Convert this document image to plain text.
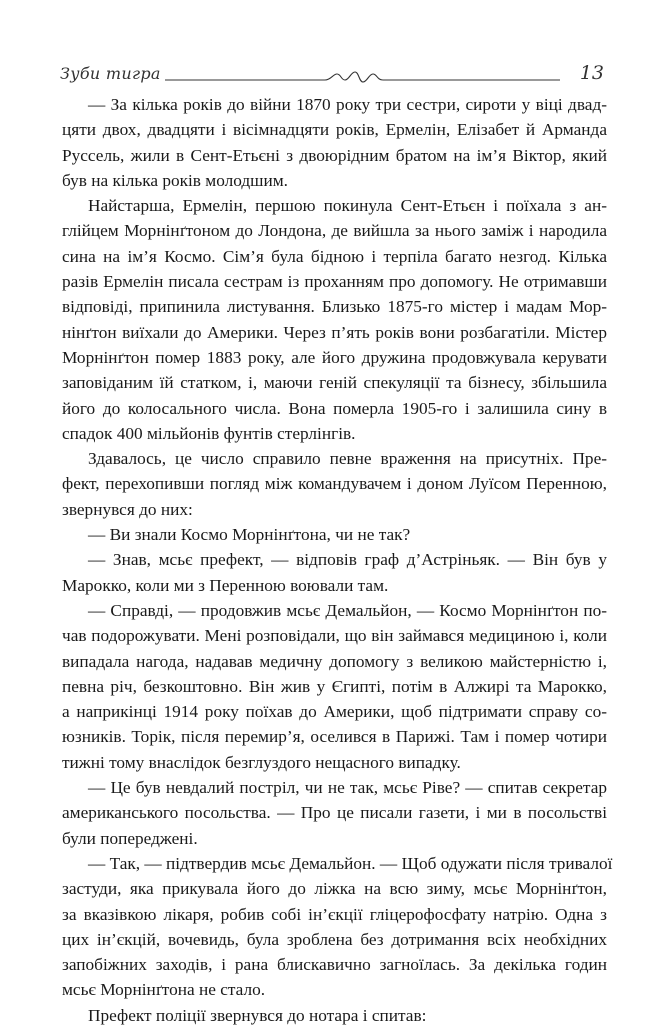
Зуби тигра	13

— За кілька років до війни 1870 року три сестри, сироти у віці двад-
цяти двох, двадцяти і вісімнадцяти років, Ермелін, Елізабет й Арманда
Руссель, жили в Сент-Етьєні з двоюрідним братом на ім’я Віктор, який
був на кілька років молодшим.

Найстарша, Ермелін, першою покинула Сент-Етьєн і поїхала з ан-
глійцем Морнінґтоном до Лондона, де вийшла за нього заміж і народила
сина на ім’я Космо. Сім’я була бідною і терпіла багато незгод. Кілька
разів Ермелін писала сестрам із проханням про допомогу. Не отримавши
відповіді, припинила листування. Близько 1875-го містер і мадам Мор-
нінґтон виїхали до Америки. Через п’ять років вони розбагатіли. Містер
Морнінґтон помер 1883 року, але його дружина продовжувала керувати
заповіданим їй статком, і, маючи геній спекуляції та бізнесу, збільшила
його до колосального числа. Вона померла 1905-го і залишила сину в
спадок 400 мільйонів фунтів стерлінгів.

Здавалось, це число справило певне враження на присутніх. Пре-
фект, перехопивши погляд між командувачем і доном Луїсом Перенною,
звернувся до них:

— Ви знали Космо Морнінґтона, чи не так?

— Знав, мсьє префект, — відповів граф д’Астріньяк. — Він був у
Марокко, коли ми з Перенною воювали там.

— Справді, — продовжив мсьє Демальйон, — Космо Морнінґтон по-
чав подорожувати. Мені розповідали, що він займався медициною і, коли
випадала нагода, надавав медичну допомогу з великою майстерністю і,
певна річ, безкоштовно. Він жив у Єгипті, потім в Алжирі та Марокко,
а наприкінці 1914 року поїхав до Америки, щоб підтримати справу со-
юзників. Торік, після перемир’я, оселився в Парижі. Там і помер чотири
тижні тому внаслідок безглуздого нещасного випадку.

— Це був невдалий постріл, чи не так, мсьє Ріве? — спитав секретар
американського посольства. — Про це писали газети, і ми в посольстві
були попереджені.

— Так, — підтвердив мсьє Демальйон. — Щоб одужати після тривалої
застуди, яка прикувала його до ліжка на всю зиму, мсьє Морнінґтон,
за вказівкою лікаря, робив собі ін’єкції гліцерофосфату натрію. Одна з
цих ін’єкцій, вочевидь, була зроблена без дотримання всіх необхідних
запобіжних заходів, і рана блискавично загноїлась. За декілька годин
мсьє Морнінґтона не стало.

Префект поліції звернувся до нотара і спитав:
